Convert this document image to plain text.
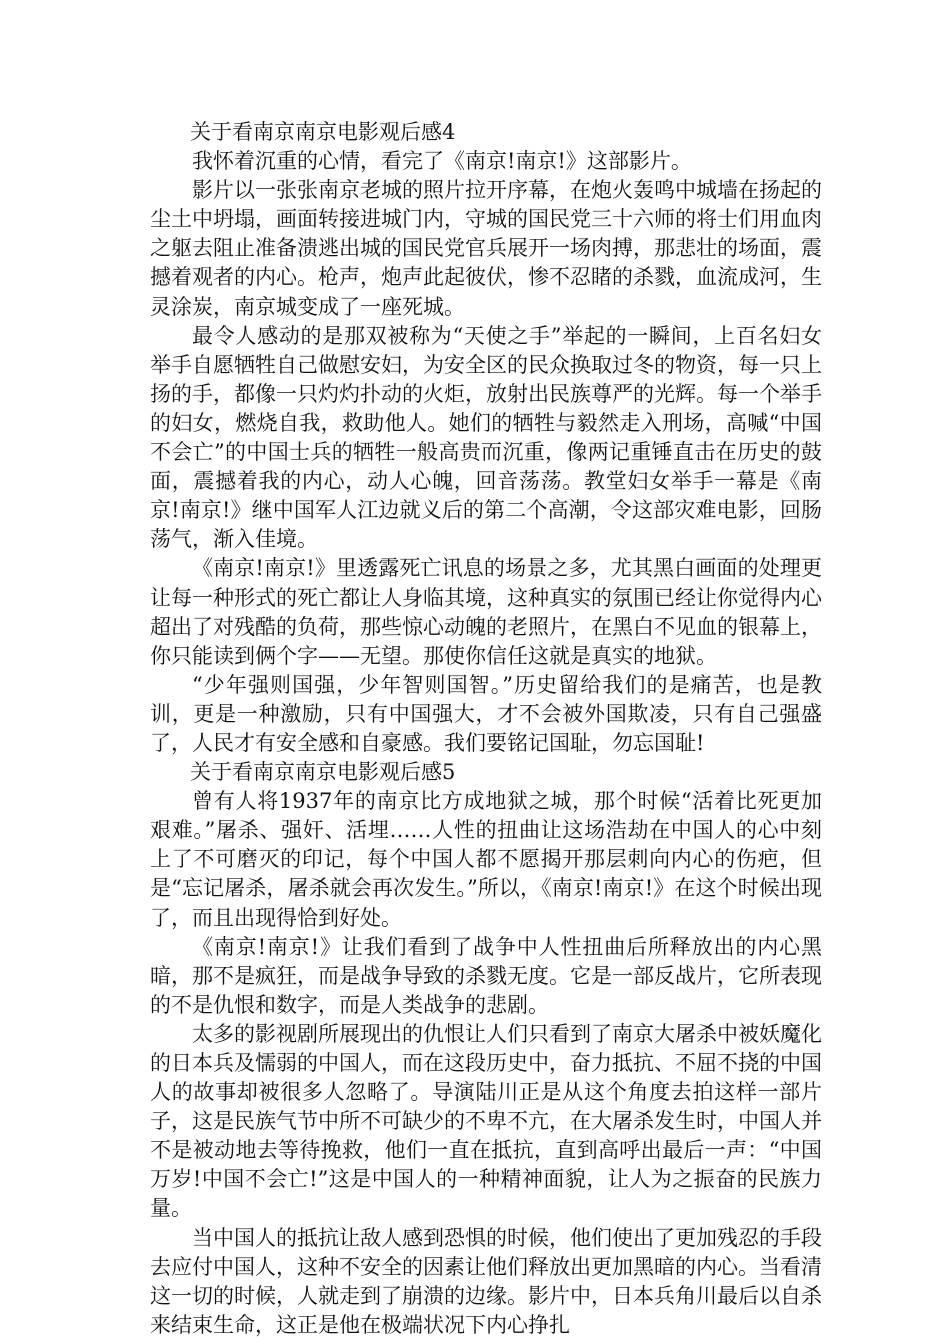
关于看南京南京电影观后感4

我怀着沉重的心情，看完了《南京!南京!》这部影片。

影片以一张张南京老城的照片拉开序幕，在炮火轰鸣中城墙在扬起的尘土中坍塌，画面转接进城门内，守城的国民党三十六师的将士们用血肉之躯去阻止准备溃逃出城的国民党官兵展开一场肉搏，那悲壮的场面，震撼着观者的内心。枪声，炮声此起彼伏，惨不忍睹的杀戮，血流成河，生灵涂炭，南京城变成了一座死城。

最令人感动的是那双被称为“天使之手”举起的一瞬间，上百名妇女举手自愿牺牲自己做慰安妇，为安全区的民众换取过冬的物资，每一只上扬的手，都像一只灼灼扑动的火炬，放射出民族尊严的光辉。每一个举手的妇女，燃烧自我，救助他人。她们的牺牲与毅然走入刑场，高喊“中国不会亡”的中国士兵的牺牲一般高贵而沉重，像两记重锤直击在历史的鼓面，震撼着我的内心，动人心魄，回音荡荡。教堂妇女举手一幕是《南京!南京!》继中国军人江边就义后的第二个高潮，令这部灾难电影，回肠荡气，渐入佳境。

《南京!南京!》里透露死亡讯息的场景之多，尤其黑白画面的处理更让每一种形式的死亡都让人身临其境，这种真实的氛围已经让你觉得内心超出了对残酷的负荷，那些惊心动魄的老照片，在黑白不见血的银幕上，你只能读到俩个字——无望。那使你信任这就是真实的地狱。

“少年强则国强，少年智则国智。”历史留给我们的是痛苦，也是教训，更是一种激励，只有中国强大，才不会被外国欺凌，只有自己强盛了，人民才有安全感和自豪感。我们要铭记国耻，勿忘国耻!

关于看南京南京电影观后感5

曾有人将1937年的南京比方成地狱之城，那个时候“活着比死更加艰难。”屠杀、强奸、活埋……人性的扭曲让这场浩劫在中国人的心中刻上了不可磨灭的印记，每个中国人都不愿揭开那层刺向内心的伤疤，但是“忘记屠杀，屠杀就会再次发生。”所以，《南京!南京!》在这个时候出现了，而且出现得恰到好处。

《南京!南京!》让我们看到了战争中人性扭曲后所释放出的内心黑暗，那不是疯狂，而是战争导致的杀戮无度。它是一部反战片，它所表现的不是仇恨和数字，而是人类战争的悲剧。

太多的影视剧所展现出的仇恨让人们只看到了南京大屠杀中被妖魔化的日本兵及懦弱的中国人，而在这段历史中，奋力抵抗、不屈不挠的中国人的故事却被很多人忽略了。导演陆川正是从这个角度去拍这样一部片子，这是民族气节中所不可缺少的不卑不亢，在大屠杀发生时，中国人并不是被动地去等待挽救，他们一直在抵抗，直到高呼出最后一声：“中国万岁!中国不会亡!”这是中国人的一种精神面貌，让人为之振奋的民族力量。

当中国人的抵抗让敌人感到恐惧的时候，他们使出了更加残忍的手段去应付中国人，这种不安全的因素让他们释放出更加黑暗的内心。当看清这一切的时候，人就走到了崩溃的边缘。影片中，日本兵角川最后以自杀来结束生命，这正是他在极端状况下内心挣扎
